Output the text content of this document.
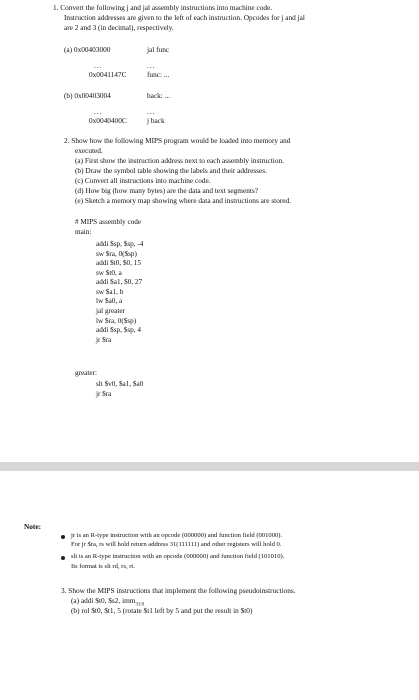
1. Convert the following j and jal assembly instructions into machine code.
Instruction addresses are given to the left of each instruction. Opcodes for j and jal
are 2 and 3 (in decimal), respectively.
(a) 0x00403000	jal func
...	...
0x0041147C	func: ...
(b) 0x00403004	back: ...
...	...
0x0040400C	j back
2. Show how the following MIPS program would be loaded into memory and
executed.
(a) First show the instruction address next to each assembly instruction.
(b) Draw the symbol table showing the labels and their addresses.
(c) Convert all instructions into machine code.
(d) How big (how many bytes) are the data and text segments?
(e) Sketch a memory map showing where data and instructions are stored.
# MIPS assembly code
main:
addi $sp, $sp, -4
sw $ra, 0($sp)
addi $t0, $0, 15
sw $t0, a
addi $a1, $0, 27
sw $a1, b
lw $a0, a
jal greater
lw $ra, 0($sp)
addi $sp, $sp, 4
jr $ra
greater:
slt $v0, $a1, $a0
jr $ra
Note:
jr is an R-type instruction with an opcode (000000) and function field (001000).
For jr $ra, rs will hold return address 31(111111) and other registers will hold 0.
slt is an R-type instruction with an opcode (000000) and function field (101010).
Its format is slt rd, rs, rt.
3. Show the MIPS instructions that implement the following pseudoinstructions.
(a) addi $t0, $s2, imm$_{31:0}$
(b) rol $t0, $t1, 5 (rotate $t1 left by 5 and put the result in $t0)
